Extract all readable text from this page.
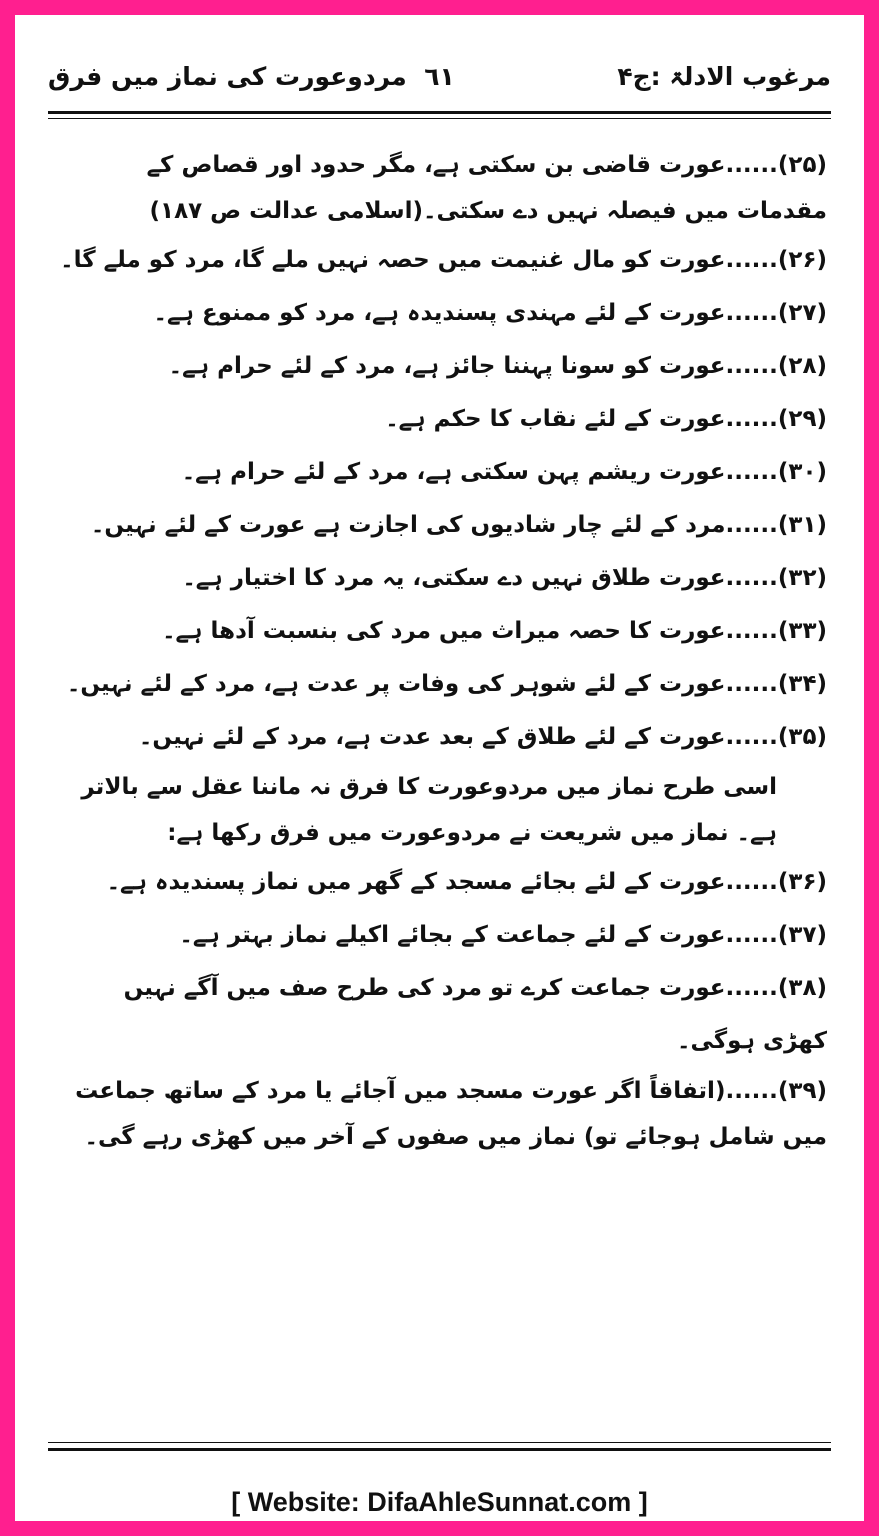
مرغوب الادلۃ :ج۴
٦١
مردوعورت کی نماز میں فرق

(۲۵)......عورت قاضی بن سکتی ہے، مگر حدود اور قصاص کے مقدمات میں فیصلہ نہیں دے سکتی۔(اسلامی عدالت ص ۱۸۷)

(۲۶)......عورت کو مال غنیمت میں حصہ نہیں ملے گا، مرد کو ملے گا۔

(۲۷)......عورت کے لئے مہندی پسندیدہ ہے، مرد کو ممنوع ہے۔

(۲۸)......عورت کو سونا پہننا جائز ہے، مرد کے لئے حرام ہے۔

(۲۹)......عورت کے لئے نقاب کا حکم ہے۔

(۳۰)......عورت ریشم پہن سکتی ہے، مرد کے لئے حرام ہے۔

(۳۱)......مرد کے لئے چار شادیوں کی اجازت ہے عورت کے لئے نہیں۔

(۳۲)......عورت طلاق نہیں دے سکتی، یہ مرد کا اختیار ہے۔

(۳۳)......عورت کا حصہ میراث میں مرد کی بنسبت آدھا ہے۔

(۳۴)......عورت کے لئے شوہر کی وفات پر عدت ہے، مرد کے لئے نہیں۔

(۳۵)......عورت کے لئے طلاق کے بعد عدت ہے، مرد کے لئے نہیں۔

اسی طرح نماز میں مردوعورت کا فرق نہ ماننا عقل سے بالاتر ہے۔ نماز میں شریعت نے مردوعورت میں فرق رکھا ہے:

(۳۶)......عورت کے لئے بجائے مسجد کے گھر میں نماز پسندیدہ ہے۔

(۳۷)......عورت کے لئے جماعت کے بجائے اکیلے نماز بہتر ہے۔

(۳۸)......عورت جماعت کرے تو مرد کی طرح صف میں آگے نہیں کھڑی ہوگی۔

(۳۹)......(اتفاقاً اگر عورت مسجد میں آجائے یا مرد کے ساتھ جماعت میں شامل ہوجائے تو) نماز میں صفوں کے آخر میں کھڑی رہے گی۔

[ Website: DifaAhleSunnat.com ]
